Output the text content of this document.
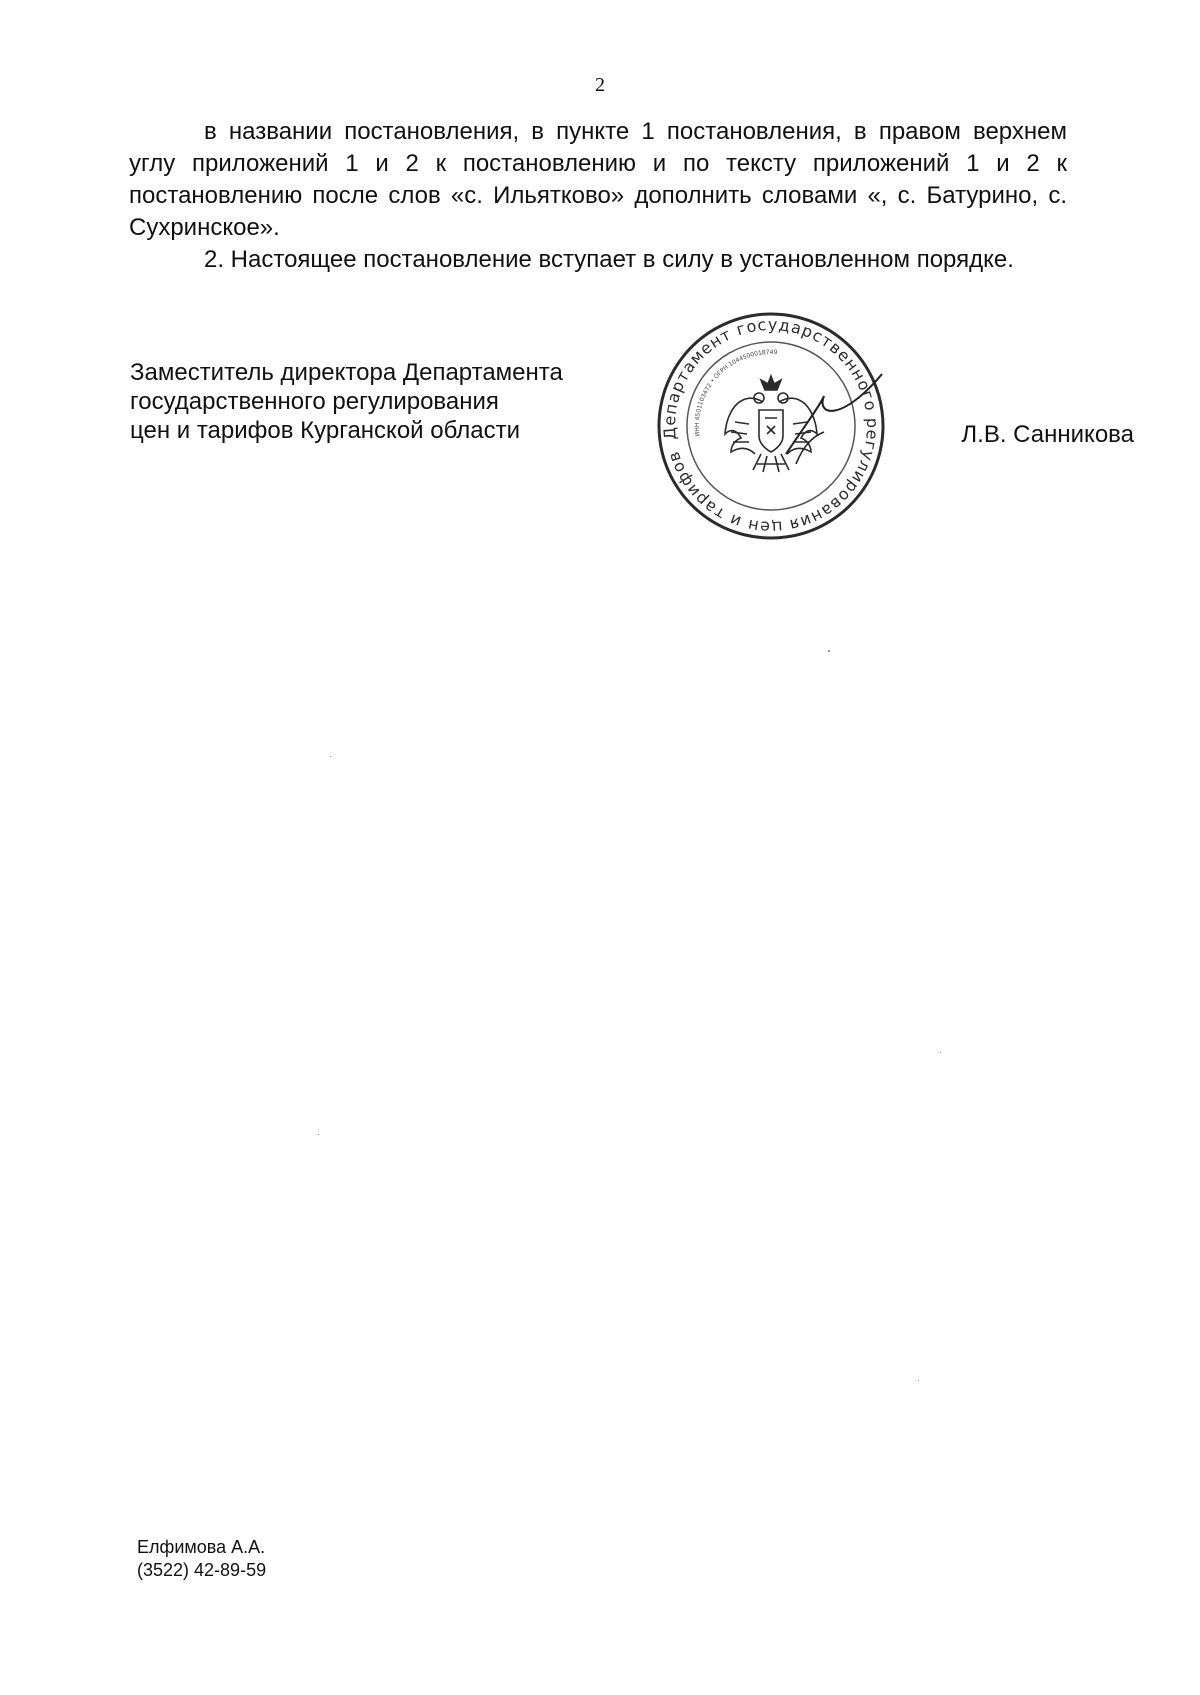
2

в названии постановления, в пункте 1 постановления, в правом верхнем углу приложений 1 и 2 к постановлению и по тексту приложений 1 и 2 к постановлению после слов «с. Ильятково» дополнить словами «, с. Батурино, с. Сухринское».

2. Настоящее постановление вступает в силу в установленном порядке.

Заместитель директора Департамента
государственного регулирования
цен и тарифов Курганской области	Департамент государственного регулирования цен и тарифов
ИНН 4501103472 • ОГРН 1044500018749
Л.В. Санникова
Елфимова А.А.
(3522) 42-89-59
